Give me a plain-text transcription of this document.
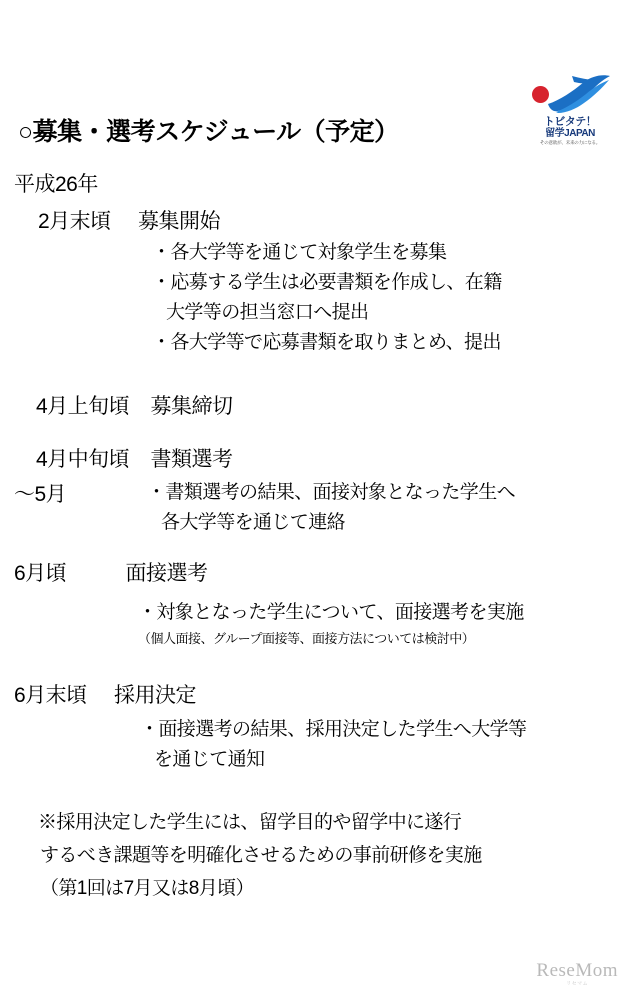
トビタテ！
留学JAPAN
その意欲が、未来の力になる。
○募集・選考スケジュール（予定）
平成26年
2月末頃 募集開始
・各大学等を通じて対象学生を募集
・応募する学生は必要書類を作成し、在籍
大学等の担当窓口へ提出
・各大学等で応募書類を取りまとめ、提出
4月上旬頃 募集締切
4月中旬頃 書類選考
〜5月	・書類選考の結果、面接対象となった学生へ
各大学等を通じて連絡
6月頃	面接選考
・対象となった学生について、面接選考を実施
（個人面接、グループ面接等、面接方法については検討中）
6月末頃 採用決定
・面接選考の結果、採用決定した学生へ大学等
を通じて通知
※採用決定した学生には、留学目的や留学中に遂行
するべき課題等を明確化させるための事前研修を実施
（第1回は7月又は8月頃）
ReseMom
リセマム
